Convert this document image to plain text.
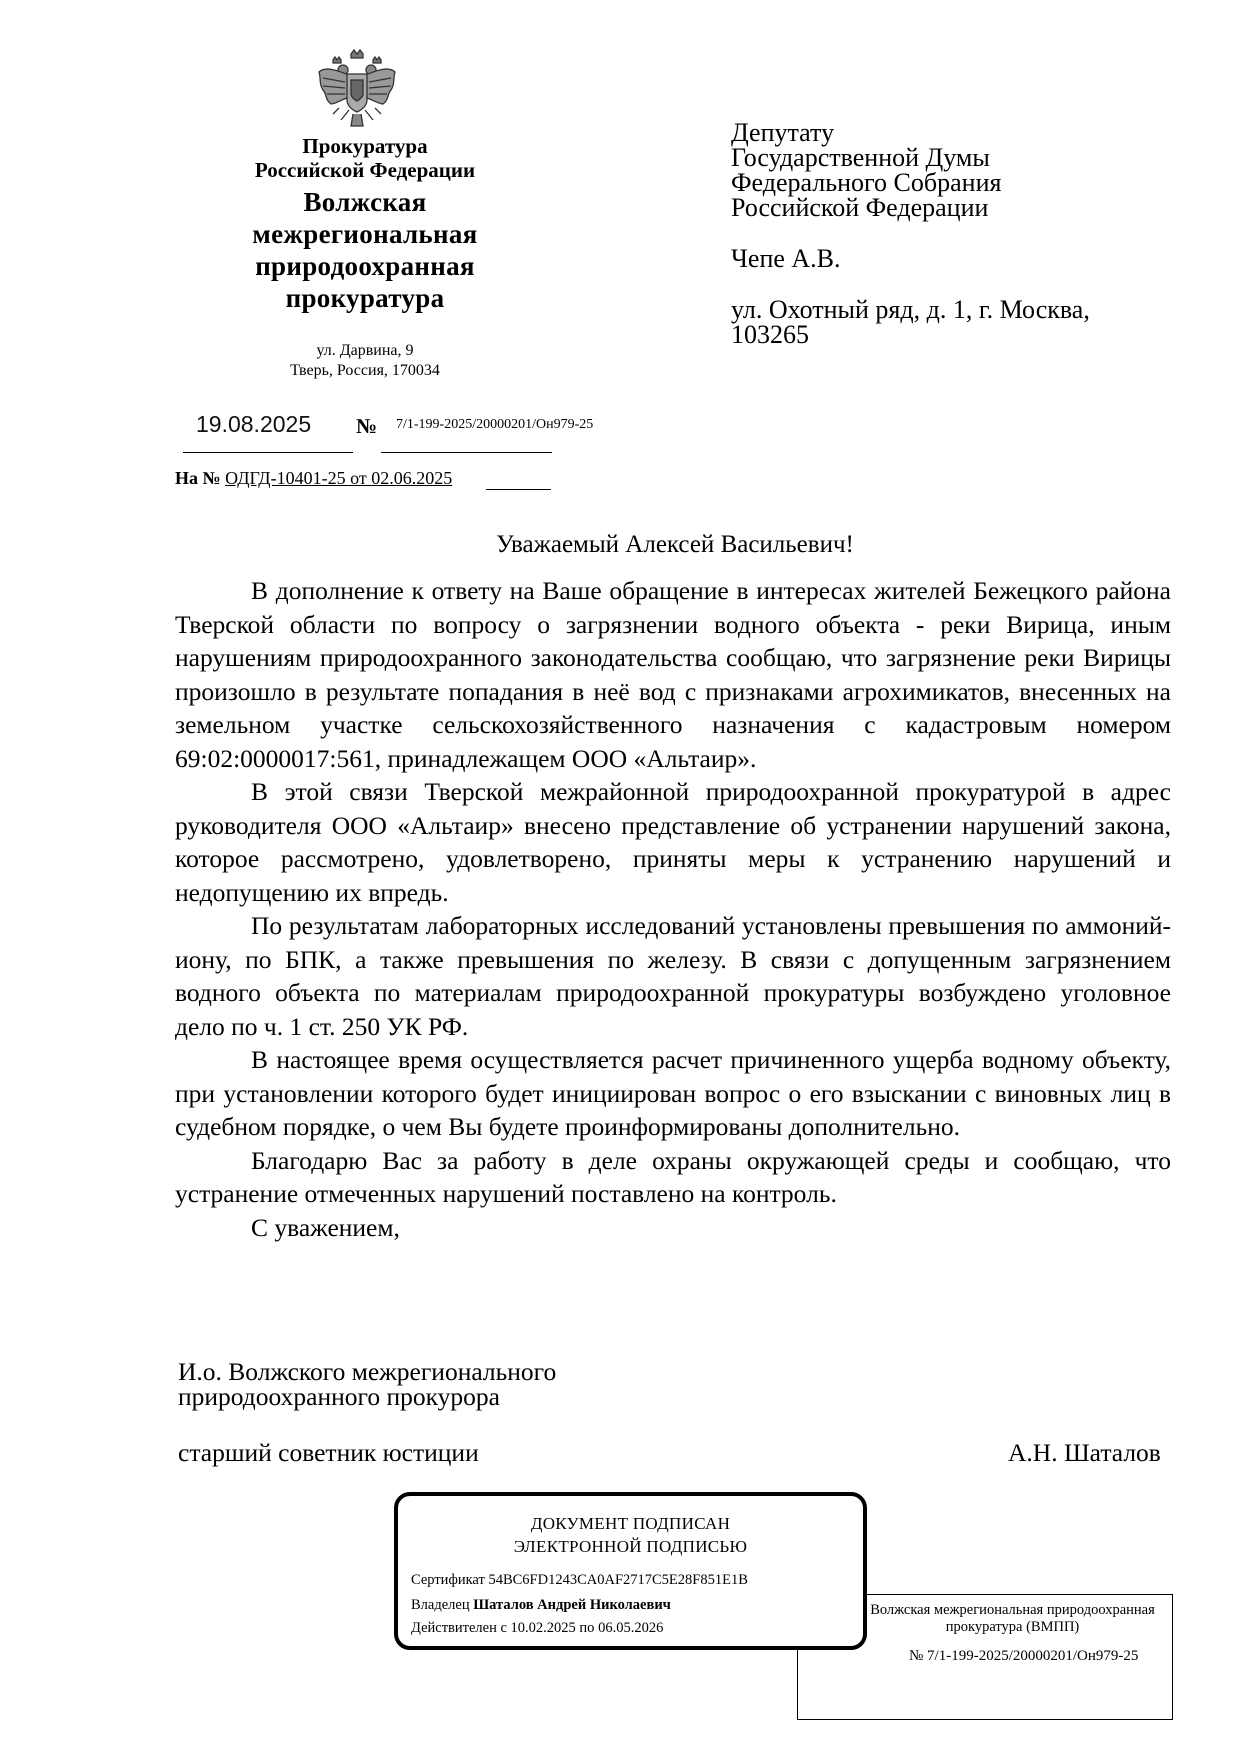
Прокуратура
Российской Федерации
Волжская
межрегиональная
природоохранная
прокуратура
ул. Дарвина, 9
Тверь, Россия, 170034
19.08.2025 № 7/1-199-2025/20000201/Он979-25
На № ОДГД-10401-25 от 02.06.2025
Депутату
Государственной Думы
Федерального Собрания
Российской Федерации
Чепе А.В.
ул. Охотный ряд, д. 1, г. Москва,
103265
Уважаемый Алексей Васильевич!

В дополнение к ответу на Ваше обращение в интересах жителей Бежецкого района Тверской области по вопросу о загрязнении водного объекта - реки Вирица, иным нарушениям природоохранного законодательства сообщаю, что загрязнение реки Вирицы произошло в результате попадания в неё вод с признаками агрохимикатов, внесенных на земельном участке сельскохозяйственного назначения с кадастровым номером 69:02:0000017:561, принадлежащем ООО «Альтаир».

В этой связи Тверской межрайонной природоохранной прокуратурой в адрес руководителя ООО «Альтаир» внесено представление об устранении нарушений закона, которое рассмотрено, удовлетворено, приняты меры к устранению нарушений и недопущению их впредь.

По результатам лабораторных исследований установлены превышения по аммоний-иону, по БПК, а также превышения по железу. В связи с допущенным загрязнением водного объекта по материалам природоохранной прокуратуры возбуждено уголовное дело по ч. 1 ст. 250 УК РФ.

В настоящее время осуществляется расчет причиненного ущерба водному объекту, при установлении которого будет инициирован вопрос о его взыскании с виновных лиц в судебном порядке, о чем Вы будете проинформированы дополнительно.

Благодарю Вас за работу в деле охраны окружающей среды и сообщаю, что устранение отмеченных нарушений поставлено на контроль.

С уважением,

И.о. Волжского межрегионального
природоохранного прокурора
старший советник юстиции	А.Н. Шаталов
Волжская межрегиональная природоохранная прокуратура (ВМПП)
№ 7/1-199-2025/20000201/Он979-25
ДОКУМЕНТ ПОДПИСАН
ЭЛЕКТРОННОЙ ПОДПИСЬЮ
Сертификат 54BC6FD1243CA0AF2717C5E28F851E1B
Владелец Шаталов Андрей Николаевич
Действителен с 10.02.2025 по 06.05.2026
